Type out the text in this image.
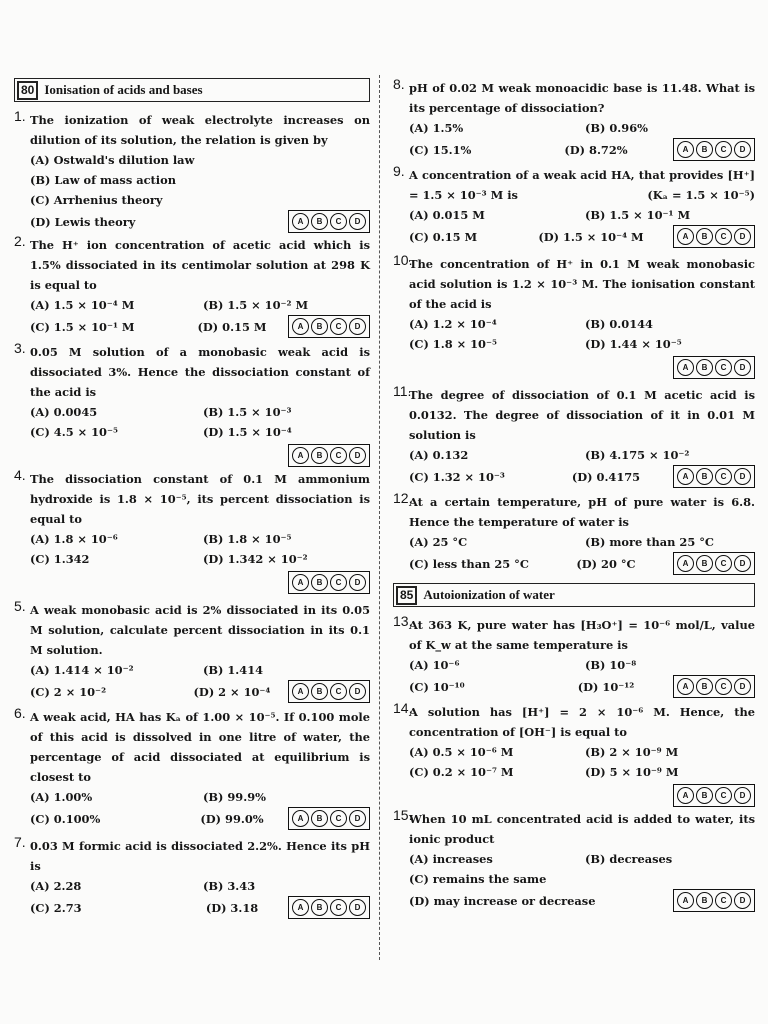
80 Ionisation of acids and bases
1. The ionization of weak electrolyte increases on dilution of its solution, the relation is given by
(A) Ostwald's dilution law
(B) Law of mass action
(C) Arrhenius theory
(D) Lewis theory	A	B	C	D
2. The H⁺ ion concentration of acetic acid which is 1.5% dissociated in its centimolar solution at 298 K is equal to
(A) 1.5 × 10⁻⁴ M	(B) 1.5 × 10⁻² M
(C) 1.5 × 10⁻¹ M	(D) 0.15 M	A	B	C	D
3. 0.05 M solution of a monobasic weak acid is dissociated 3%. Hence the dissociation constant of the acid is
(A) 0.0045	(B) 1.5 × 10⁻³
(C) 4.5 × 10⁻⁵	(D) 1.5 × 10⁻⁴
A	B	C	D
4. The dissociation constant of 0.1 M ammonium hydroxide is 1.8 × 10⁻⁵, its percent dissociation is equal to
(A) 1.8 × 10⁻⁶	(B) 1.8 × 10⁻⁵
(C) 1.342	(D) 1.342 × 10⁻²
A	B	C	D
5. A weak monobasic acid is 2% dissociated in its 0.05 M solution, calculate percent dissociation in its 0.1 M solution.
(A) 1.414 × 10⁻²	(B) 1.414
(C) 2 × 10⁻²	(D) 2 × 10⁻⁴	A	B	C	D
6. A weak acid, HA has Kₐ of 1.00 × 10⁻⁵. If 0.100 mole of this acid is dissolved in one litre of water, the percentage of acid dissociated at equilibrium is closest to
(A) 1.00%	(B) 99.9%
(C) 0.100%	(D) 99.0%	A	B	C	D
7. 0.03 M formic acid is dissociated 2.2%. Hence its pH is
(A) 2.28	(B) 3.43
(C) 2.73	(D) 3.18	A	B	C	D
8. pH of 0.02 M weak monoacidic base is 11.48. What is its percentage of dissociation?
(A) 1.5%	(B) 0.96%
(C) 15.1%	(D) 8.72%	A	B	C	D
9. A concentration of a weak acid HA, that provides [H⁺] = 1.5 × 10⁻³ M is	(Kₐ = 1.5 × 10⁻⁵)
(A) 0.015 M	(B) 1.5 × 10⁻¹ M
(C) 0.15 M	(D) 1.5 × 10⁻⁴ M	A	B	C	D
10.
The concentration of H⁺ in 0.1 M weak monobasic acid solution is 1.2 × 10⁻³ M. The ionisation constant of the acid is
(A) 1.2 × 10⁻⁴	(B) 0.0144
(C) 1.8 × 10⁻⁵	(D) 1.44 × 10⁻⁵
A	B	C	D
11.
The degree of dissociation of 0.1 M acetic acid is 0.0132. The degree of dissociation of it in 0.01 M solution is
(A) 0.132	(B) 4.175 × 10⁻²
(C) 1.32 × 10⁻³	(D) 0.4175	A	B	C	D
12.
At a certain temperature, pH of pure water is 6.8. Hence the temperature of water is
(A) 25 °C	(B) more than 25 °C
(C) less than 25 °C	(D) 20 °C	A	B	C	D
85 Autoionization of water
13.
At 363 K, pure water has [H₃O⁺] = 10⁻⁶ mol/L, value of K_w at the same temperature is
(A) 10⁻⁶	(B) 10⁻⁸
(C) 10⁻¹⁰	(D) 10⁻¹²	A	B	C	D
14.
A solution has [H⁺] = 2 × 10⁻⁶ M. Hence, the concentration of [OH⁻] is equal to
(A) 0.5 × 10⁻⁶ M	(B) 2 × 10⁻⁹ M
(C) 0.2 × 10⁻⁷ M	(D) 5 × 10⁻⁹ M
A	B	C	D
15.
When 10 mL concentrated acid is added to water, its ionic product
(A) increases	(B) decreases
(C) remains the same
(D) may increase or decrease	A	B	C	D
